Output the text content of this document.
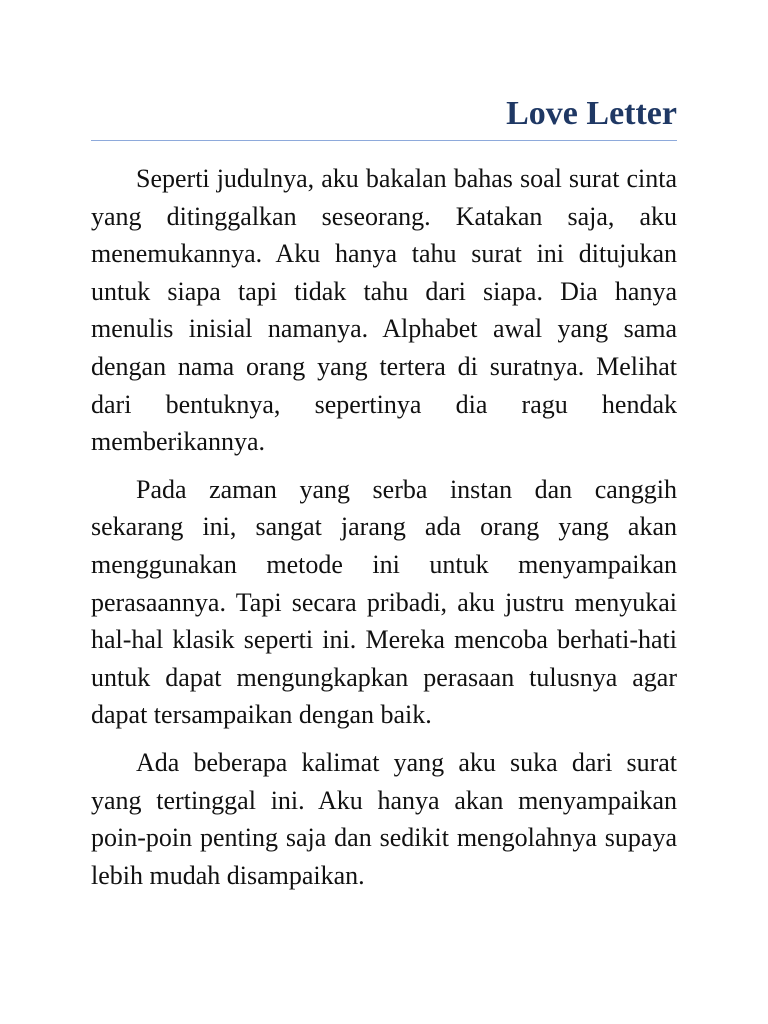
Love Letter

Seperti judulnya, aku bakalan bahas soal surat cinta yang ditinggalkan seseorang. Katakan saja, aku menemukannya. Aku hanya tahu surat ini ditujukan untuk siapa tapi tidak tahu dari siapa. Dia hanya menulis inisial namanya. Alphabet awal yang sama dengan nama orang yang tertera di suratnya. Melihat dari bentuknya, sepertinya dia ragu hendak memberikannya.

Pada zaman yang serba instan dan canggih sekarang ini, sangat jarang ada orang yang akan menggunakan metode ini untuk menyampaikan perasaannya. Tapi secara pribadi, aku justru menyukai hal-hal klasik seperti ini. Mereka mencoba berhati-hati untuk dapat mengungkapkan perasaan tulusnya agar dapat tersampaikan dengan baik.

Ada beberapa kalimat yang aku suka dari surat yang tertinggal ini. Aku hanya akan menyampaikan poin-poin penting saja dan sedikit mengolahnya supaya lebih mudah disampaikan.
